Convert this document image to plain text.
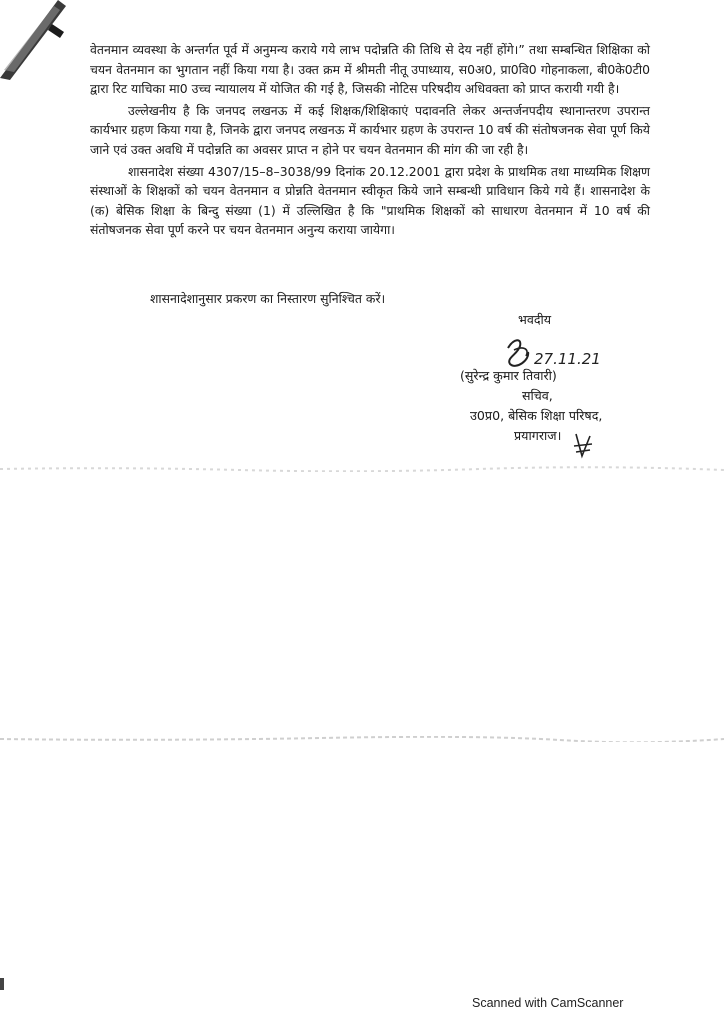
वेतनमान व्यवस्था के अन्तर्गत पूर्व में अनुमन्य कराये गये लाभ पदोन्नति की तिथि से देय नहीं होंगे।” तथा सम्बन्धित शिक्षिका को चयन वेतनमान का भुगतान नहीं किया गया है। उक्त क्रम में श्रीमती नीतू उपाध्याय, स0अ0, प्रा0वि0 गोहनाकला, बी0के0टी0 द्वारा रिट याचिका मा0 उच्च न्यायालय में योजित की गई है, जिसकी नोटिस परिषदीय अधिवक्ता को प्राप्त करायी गयी है।

उल्लेखनीय है कि जनपद लखनऊ में कई शिक्षक/शिक्षिकाएं पदावनति लेकर अन्तर्जनपदीय स्थानान्तरण उपरान्त कार्यभार ग्रहण किया गया है, जिनके द्वारा जनपद लखनऊ में कार्यभार ग्रहण के उपरान्त 10 वर्ष की संतोषजनक सेवा पूर्ण किये जाने एवं उक्त अवधि में पदोन्नति का अवसर प्राप्त न होने पर चयन वेतनमान की मांग की जा रही है।

शासनादेश संख्या 4307/15–8–3038/99 दिनांक 20.12.2001 द्वारा प्रदेश के प्राथमिक तथा माध्यमिक शिक्षण संस्थाओं के शिक्षकों को चयन वेतनमान व प्रोन्नति वेतनमान स्वीकृत किये जाने सम्बन्धी प्राविधान किये गये हैं। शासनादेश के (क) बेसिक शिक्षा के बिन्दु संख्या (1) में उल्लिखित है कि "प्राथमिक शिक्षकों को साधारण वेतनमान में 10 वर्ष की संतोषजनक सेवा पूर्ण करने पर चयन वेतनमान अनुन्य कराया जायेगा।

शासनादेशानुसार प्रकरण का निस्तारण सुनिश्चित करें।
भवदीय
27.11.21
(सुरेन्द्र कुमार तिवारी)
सचिव,
उ0प्र0, बेसिक शिक्षा परिषद,
प्रयागराज।
Scanned with CamScanner
